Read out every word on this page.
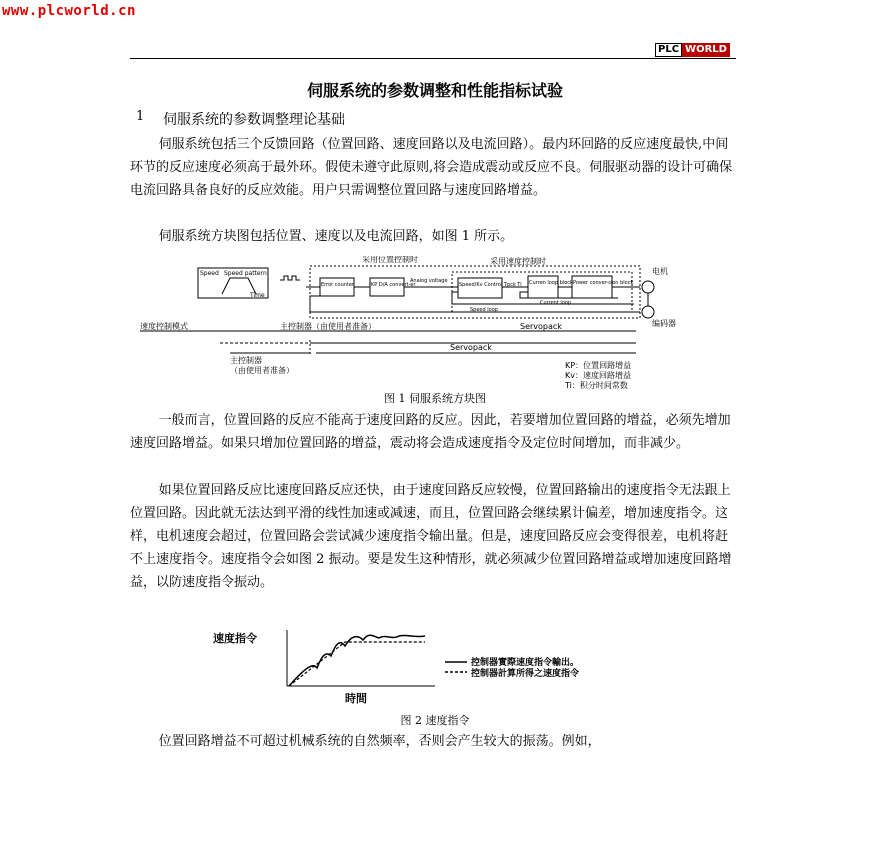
www.plcworld.cn
PLC WORLD
伺服系统的参数调整和性能指标试验
1 伺服系统的参数调整理论基础
伺服系统包括三个反馈回路（位置回路、速度回路以及电流回路）。最内环回路的反应速度最快,中间环节的反应速度必须高于最外环。假使未遵守此原则,将会造成震动或反应不良。伺服驱动器的设计可确保电流回路具备良好的反应效能。用户只需调整位置回路与速度回路增益。
伺服系统方块图包括位置、速度以及电流回路，如图 1 所示。
Speed Speed pattern
Time
采用位置控制时	采用速度控制时
电机
编码器
Error counter	KP D/A convert-er
Analog voltage
Speed/Kv Control Tpck Ti Curren loop block Power conver-sion block
Current loop
Speed loop
速度控制模式	主控制器（由使用者准备）	Servopack
Servopack
主控制器
（由使用者准备）
KP：位置回路增益
Kv：速度回路增益
Ti：积分时间常数
图 1 伺服系统方块图
一般而言，位置回路的反应不能高于速度回路的反应。因此，若要增加位置回路的增益，必须先增加速度回路增益。如果只增加位置回路的增益，震动将会造成速度指令及定位时间增加，而非减少。
如果位置回路反应比速度回路反应还快，由于速度回路反应较慢，位置回路输出的速度指令无法跟上位置回路。因此就无法达到平滑的线性加速或减速，而且，位置回路会继续累计偏差，增加速度指令。这样，电机速度会超过，位置回路会尝试减少速度指令输出量。但是，速度回路反应会变得很差，电机将赶不上速度指令。速度指令会如图 2 振动。要是发生这种情形，就必须减少位置回路增益或增加速度回路增益，以防速度指令振动。
速度指令
時間
控制器實際速度指令輸出。
控制器計算所得之速度指令
图 2 速度指令
位置回路增益不可超过机械系统的自然频率，否则会产生较大的振荡。例如，
